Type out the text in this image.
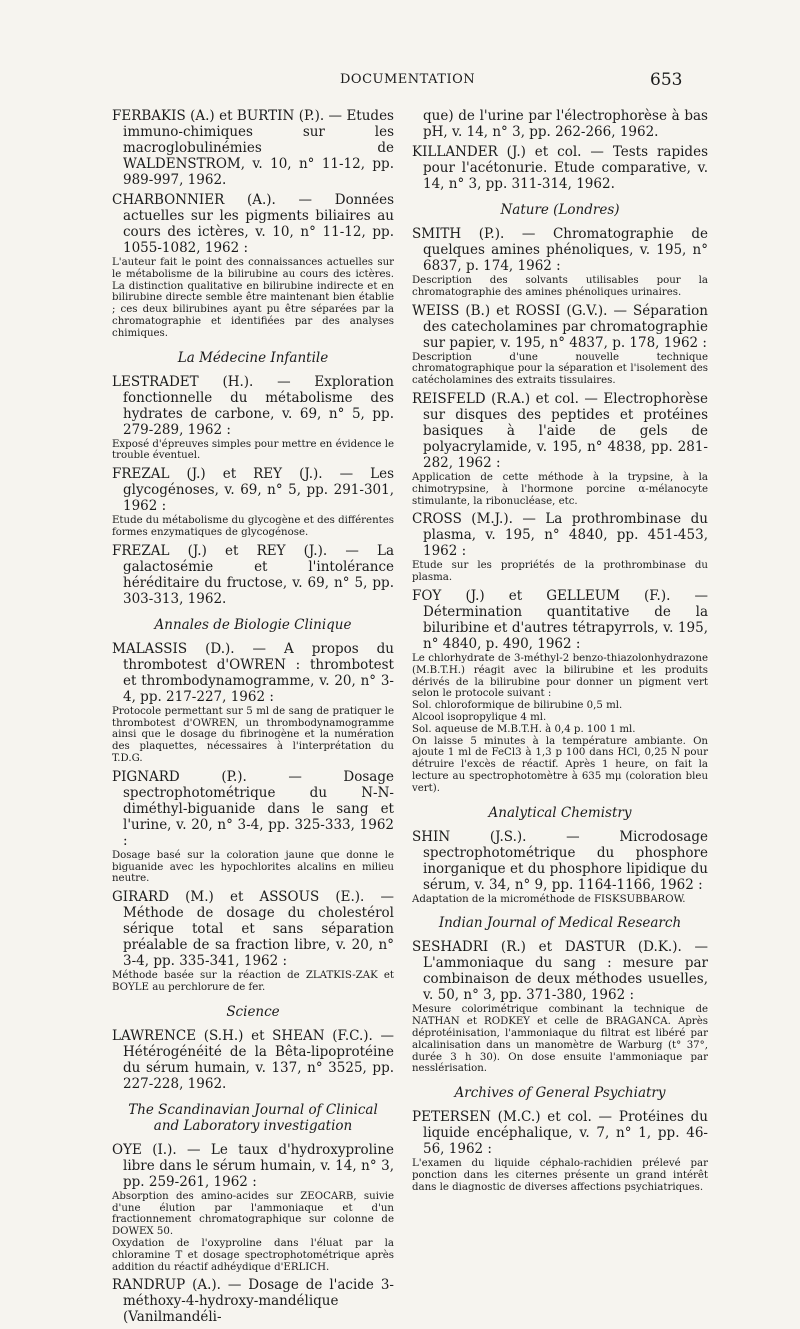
DOCUMENTATION	653

FERBAKIS (A.) et BURTIN (P.). — Etudes immuno-chimiques sur les macroglobulinémies de WALDENSTROM, v. 10, n° 11-12, pp. 989-997, 1962.

CHARBONNIER (A.). — Données actuelles sur les pigments biliaires au cours des ictères, v. 10, n° 11-12, pp. 1055-1082, 1962 :

L'auteur fait le point des connaissances actuelles sur le métabolisme de la bilirubine au cours des ictères. La distinction qualitative en bilirubine indirecte et en bilirubine directe semble être maintenant bien établie ; ces deux bilirubines ayant pu être séparées par la chromatographie et identifiées par des analyses chimiques.

La Médecine Infantile

LESTRADET (H.). — Exploration fonctionnelle du métabolisme des hydrates de carbone, v. 69, n° 5, pp. 279-289, 1962 :

Exposé d'épreuves simples pour mettre en évidence le trouble éventuel.

FREZAL (J.) et REY (J.). — Les glycogénoses, v. 69, n° 5, pp. 291-301, 1962 :

Etude du métabolisme du glycogène et des différentes formes enzymatiques de glycogénose.

FREZAL (J.) et REY (J.). — La galactosémie et l'intolérance héréditaire du fructose, v. 69, n° 5, pp. 303-313, 1962.

Annales de Biologie Clinique

MALASSIS (D.). — A propos du thrombotest d'OWREN : thrombotest et thrombodynamogramme, v. 20, n° 3-4, pp. 217-227, 1962 :

Protocole permettant sur 5 ml de sang de pratiquer le thrombotest d'OWREN, un thrombodynamogramme ainsi que le dosage du fibrinogène et la numération des plaquettes, nécessaires à l'interprétation du T.D.G.

PIGNARD (P.). — Dosage spectrophotométrique du N-N-diméthyl-biguanide dans le sang et l'urine, v. 20, n° 3-4, pp. 325-333, 1962 :

Dosage basé sur la coloration jaune que donne le biguanide avec les hypochlorites alcalins en milieu neutre.

GIRARD (M.) et ASSOUS (E.). — Méthode de dosage du cholestérol sérique total et sans séparation préalable de sa fraction libre, v. 20, n° 3-4, pp. 335-341, 1962 :

Méthode basée sur la réaction de ZLATKIS-ZAK et BOYLE au perchlorure de fer.

Science

LAWRENCE (S.H.) et SHEAN (F.C.). — Hétérogénéité de la Bêta-lipoprotéine du sérum humain, v. 137, n° 3525, pp. 227-228, 1962.

The Scandinavian Journal of Clinical
and Laboratory investigation

OYE (I.). — Le taux d'hydroxyproline libre dans le sérum humain, v. 14, n° 3, pp. 259-261, 1962 :

Absorption des amino-acides sur ZEOCARB, suivie d'une élution par l'ammoniaque et d'un fractionnement chromatographique sur colonne de DOWEX 50.
Oxydation de l'oxyproline dans l'éluat par la chloramine T et dosage spectrophotométrique après addition du réactif adhéydique d'ERLICH.

RANDRUP (A.). — Dosage de l'acide 3-méthoxy-4-hydroxy-mandélique (Vanilmandéli-

que) de l'urine par l'électrophorèse à bas pH, v. 14, n° 3, pp. 262-266, 1962.

KILLANDER (J.) et col. — Tests rapides pour l'acétonurie. Etude comparative, v. 14, n° 3, pp. 311-314, 1962.

Nature (Londres)

SMITH (P.). — Chromatographie de quelques amines phénoliques, v. 195, n° 6837, p. 174, 1962 :

Description des solvants utilisables pour la chromatographie des amines phénoliques urinaires.

WEISS (B.) et ROSSI (G.V.). — Séparation des catecholamines par chromatographie sur papier, v. 195, n° 4837, p. 178, 1962 :

Description d'une nouvelle technique chromatographique pour la séparation et l'isolement des catécholamines des extraits tissulaires.

REISFELD (R.A.) et col. — Electrophorèse sur disques des peptides et protéines basiques à l'aide de gels de polyacrylamide, v. 195, n° 4838, pp. 281-282, 1962 :

Application de cette méthode à la trypsine, à la chimotrypsine, à l'hormone porcine α-mélanocyte stimulante, la ribonucléase, etc.

CROSS (M.J.). — La prothrombinase du plasma, v. 195, n° 4840, pp. 451-453, 1962 :

Etude sur les propriétés de la prothrombinase du plasma.

FOY (J.) et GELLEUM (F.). — Détermination quantitative de la biluribine et d'autres tétrapyrrols, v. 195, n° 4840, p. 490, 1962 :

Le chlorhydrate de 3-méthyl-2 benzo-thiazolonhydrazone (M.B.T.H.) réagit avec la bilirubine et les produits dérivés de la bilirubine pour donner un pigment vert selon le protocole suivant :
Sol. chloroformique de bilirubine 0,5 ml.
Alcool isopropylique 4 ml.
Sol. aqueuse de M.B.T.H. à 0,4 p. 100 1 ml.
On laisse 5 minutes à la température ambiante. On ajoute 1 ml de FeCl3 à 1,3 p 100 dans HCl, 0,25 N pour détruire l'excès de réactif. Après 1 heure, on fait la lecture au spectrophotomètre à 635 mμ (coloration bleu vert).

Analytical Chemistry

SHIN (J.S.). — Microdosage spectrophotométrique du phosphore inorganique et du phosphore lipidique du sérum, v. 34, n° 9, pp. 1164-1166, 1962 :

Adaptation de la microméthode de FISKSUBBAROW.

Indian Journal of Medical Research

SESHADRI (R.) et DASTUR (D.K.). — L'ammoniaque du sang : mesure par combinaison de deux méthodes usuelles, v. 50, n° 3, pp. 371-380, 1962 :

Mesure colorimétrique combinant la technique de NATHAN et RODKEY et celle de BRAGANCA. Après déprotéinisation, l'ammoniaque du filtrat est libéré par alcalinisation dans un manomètre de Warburg (t° 37°, durée 3 h 30). On dose ensuite l'ammoniaque par nesslérisation.

Archives of General Psychiatry

PETERSEN (M.C.) et col. — Protéines du liquide encéphalique, v. 7, n° 1, pp. 46-56, 1962 :

L'examen du liquide céphalo-rachidien prélevé par ponction dans les citernes présente un grand intérêt dans le diagnostic de diverses affections psychiatriques.
